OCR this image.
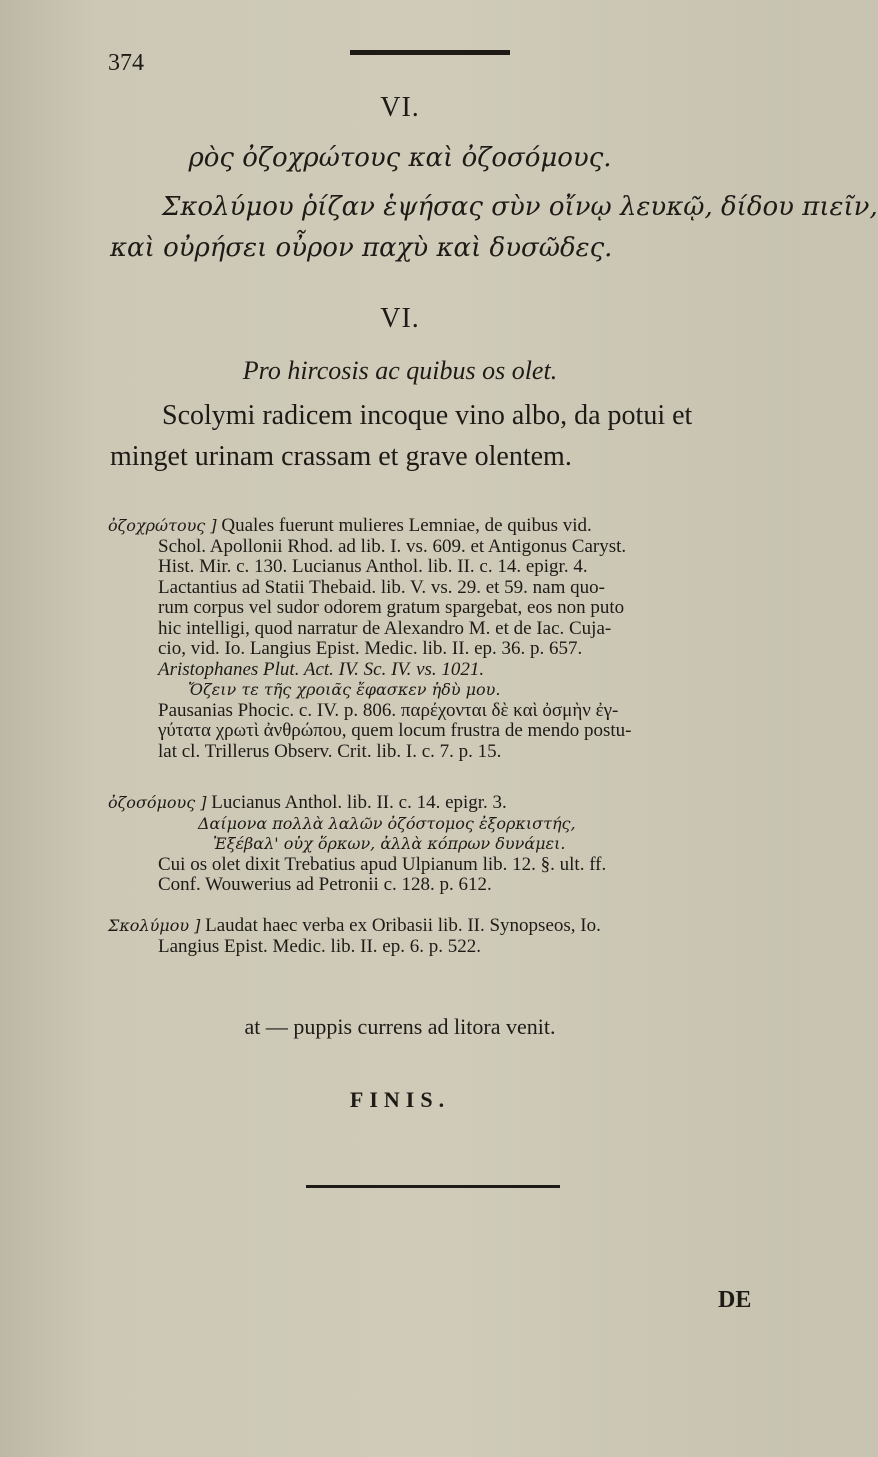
374
VI.
ρὸς ὀζοχρώτους καὶ ὀζοσόμους.
Σκολύμου ῥίζαν ἑψήσας σὺν οἴνῳ λευκῷ, δίδου πιεῖν,
καὶ οὐρήσει οὖρον παχὺ καὶ δυσῶδες.
VI.
Pro hircosis ac quibus os olet.
Scolymi radicem incoque vino albo, da potui et
minget urinam crassam et grave olentem.
ὀζοχρώτους ] Quales fuerunt mulieres Lemniae, de quibus vid.
Schol. Apollonii Rhod. ad lib. I. vs. 609. et Antigonus Caryst.
Hist. Mir. c. 130. Lucianus Anthol. lib. II. c. 14. epigr. 4.
Lactantius ad Statii Thebaid. lib. V. vs. 29. et 59. nam quo-
rum corpus vel sudor odorem gratum spargebat, eos non puto
hic intelligi, quod narratur de Alexandro M. et de Iac. Cuja-
cio, vid. Io. Langius Epist. Medic. lib. II. ep. 36. p. 657.
Aristophanes Plut. Act. IV. Sc. IV. vs. 1021.
Ὄζειν τε τῆς χροιᾶς ἔφασκεν ἡδὺ μου.
Pausanias Phocic. c. IV. p. 806. παρέχονται δὲ καὶ ὀσμὴν ἐγ-
γύτατα χρωτὶ ἀνθρώπου, quem locum frustra de mendo postu-
lat cl. Trillerus Observ. Crit. lib. I. c. 7. p. 15.
ὀζοσόμους ] Lucianus Anthol. lib. II. c. 14. epigr. 3.
Δαίμονα πολλὰ λαλῶν ὀζόστομος ἐξορκιστής,
Ἐξέβαλ' οὐχ ὅρκων, ἀλλὰ κόπρων δυνάμει.
Cui os olet dixit Trebatius apud Ulpianum lib. 12. §. ult. ff.
Conf. Wouwerius ad Petronii c. 128. p. 612.
Σκολύμου ] Laudat haec verba ex Oribasii lib. II. Synopseos, Io.
Langius Epist. Medic. lib. II. ep. 6. p. 522.
at — puppis currens ad litora venit.
FINIS.
DE
